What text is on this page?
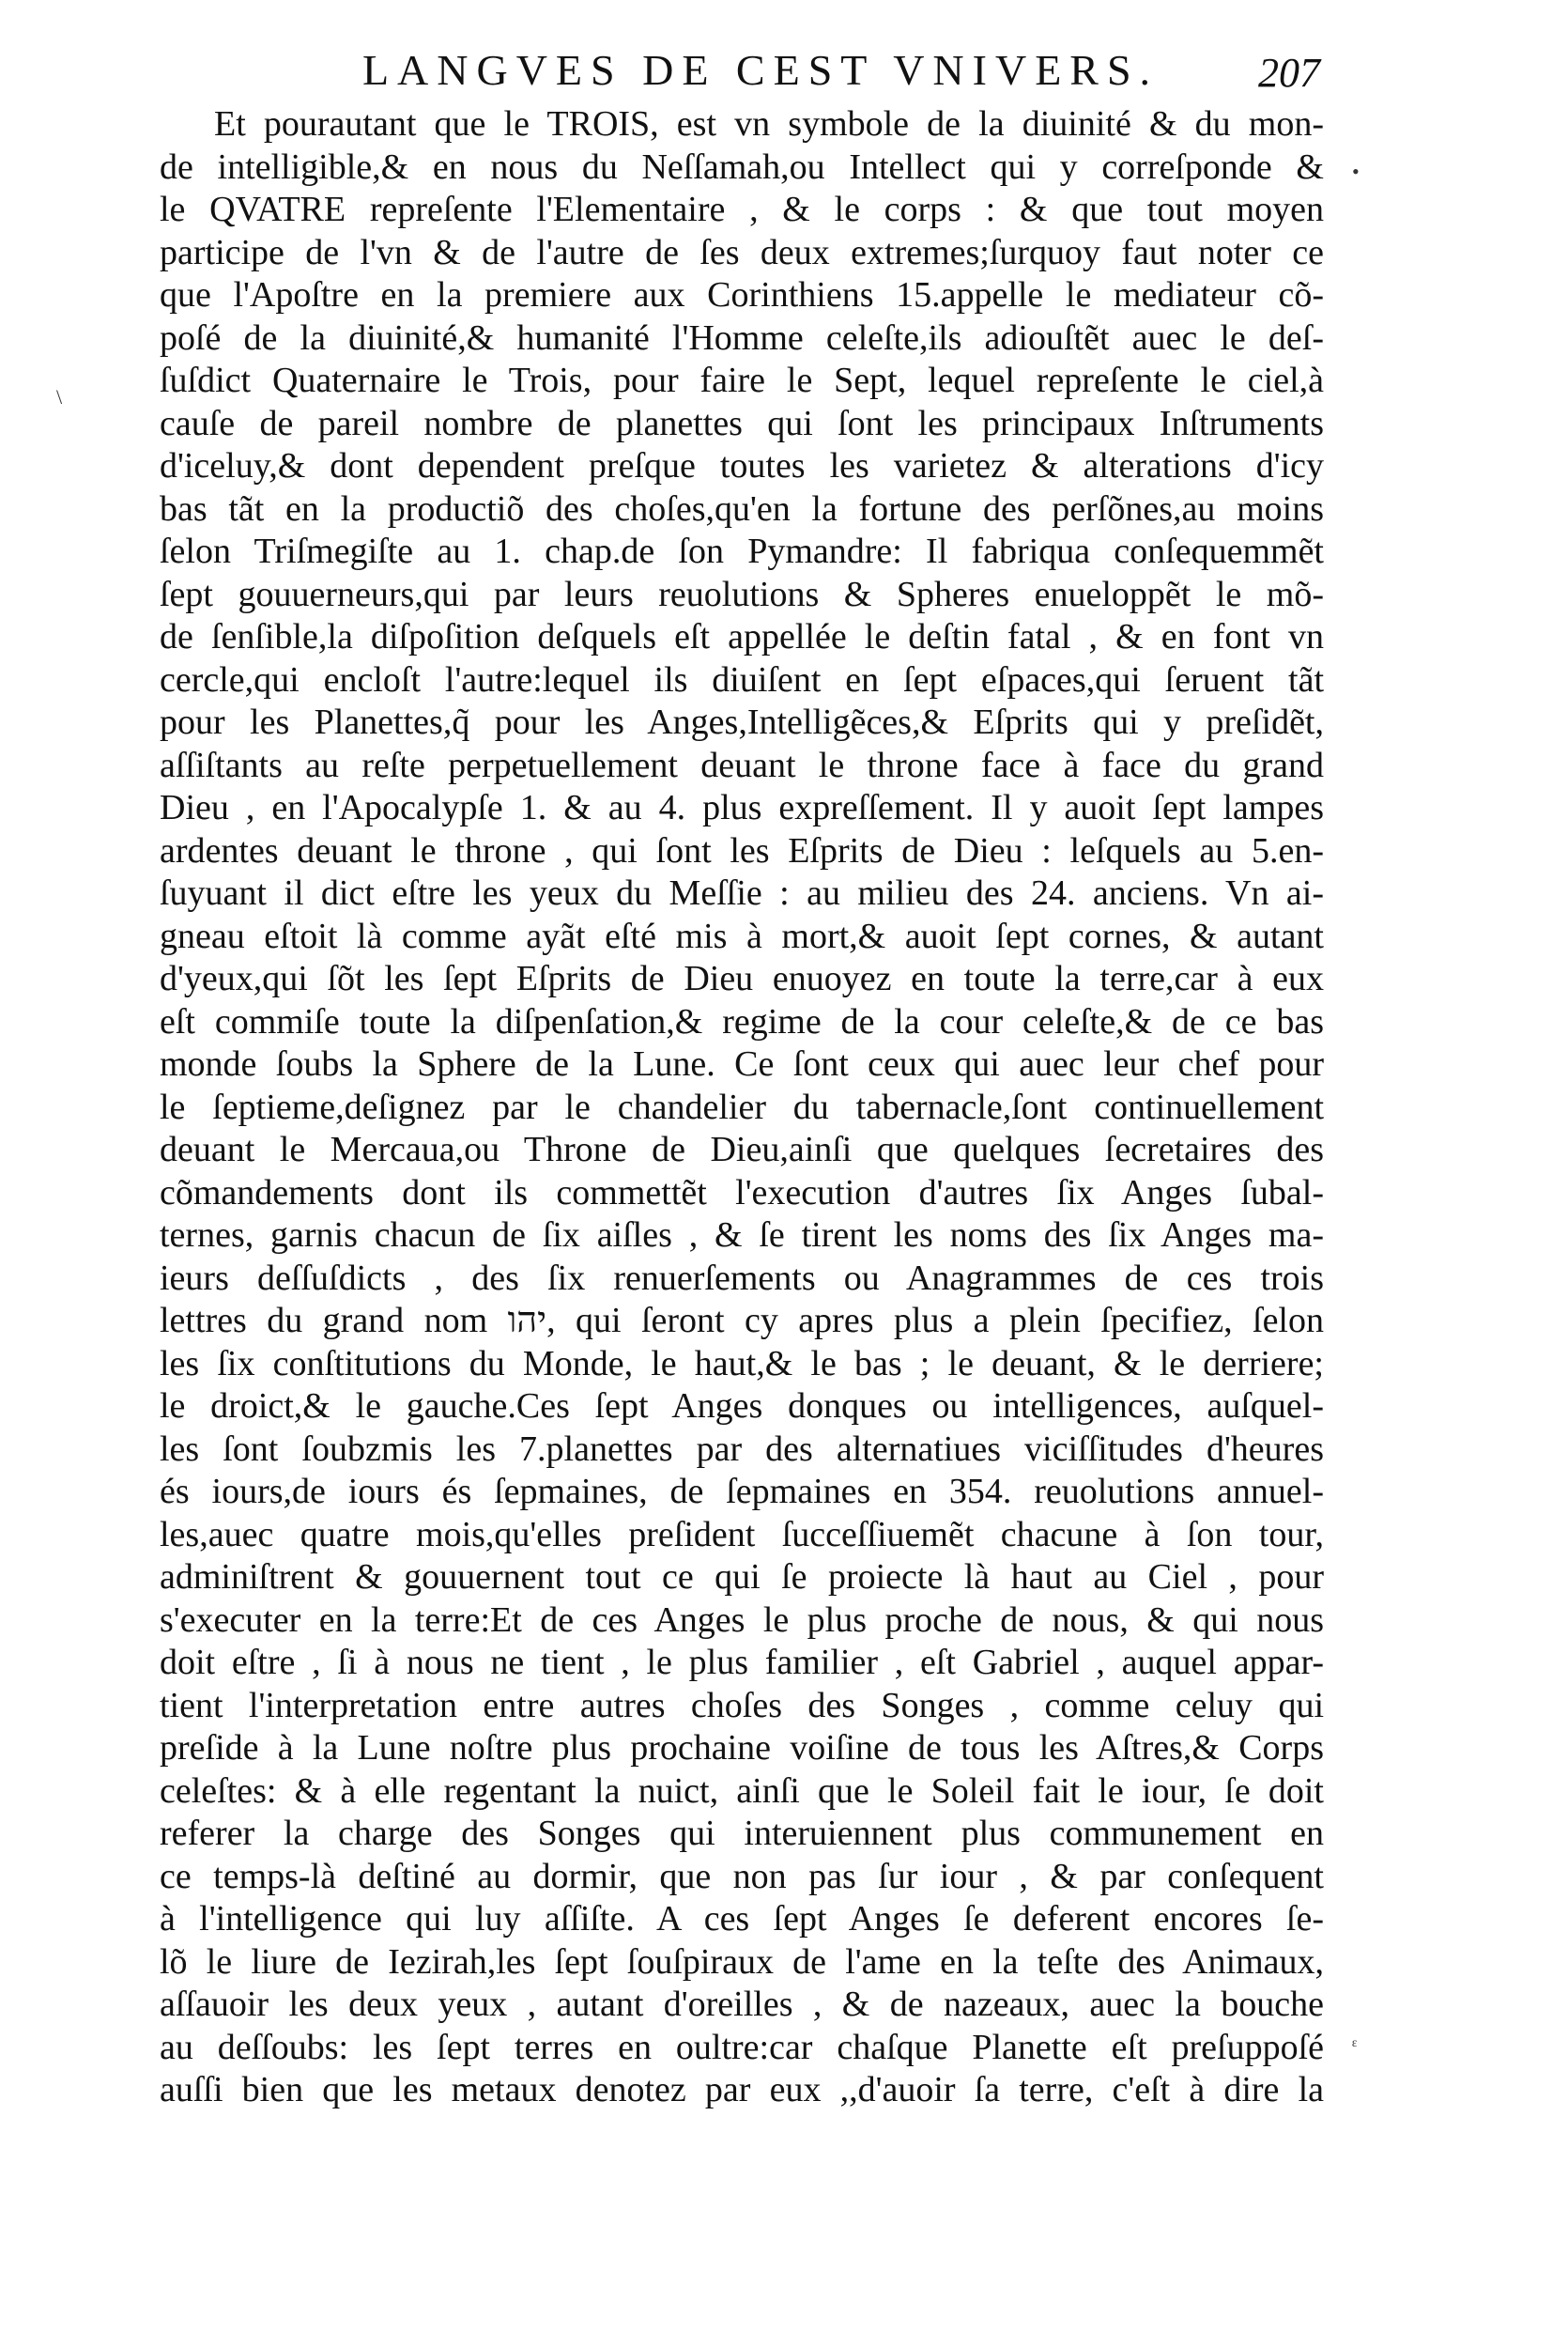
LANGVES DE CEST VNIVERS.	207
•
\
ᵋ
Et pourautant que le TROIS, est vn symbole de la diuinité & du mon-
de intelligible,& en nous du Neſſamah,ou Intellect qui y correſponde &
le QVATRE repreſente l'Elementaire , & le corps : & que tout moyen
participe de l'vn & de l'autre de ſes deux extremes;ſurquoy faut noter ce
que l'Apoſtre en la premiere aux Corinthiens 15.appelle le mediateur cõ-
poſé de la diuinité,& humanité l'Homme celeſte,ils adiouſtẽt auec le deſ-
ſuſdict Quaternaire le Trois, pour faire le Sept, lequel repreſente le ciel,à
cauſe de pareil nombre de planettes qui ſont les principaux Inſtruments
d'iceluy,& dont dependent preſque toutes les varietez & alterations d'icy
bas tãt en la productiõ des choſes,qu'en la fortune des perſõnes,au moins
ſelon Triſmegiſte au 1. chap.de ſon Pymandre: Il fabriqua conſequemmẽt
ſept gouuerneurs,qui par leurs reuolutions & Spheres enueloppẽt le mõ-
de ſenſible,la diſpoſition deſquels eſt appellée le deſtin fatal , & en font vn
cercle,qui encloſt l'autre:lequel ils diuiſent en ſept eſpaces,qui ſeruent tãt
pour les Planettes,q̃ pour les Anges,Intelligẽces,& Eſprits qui y preſidẽt,
aſſiſtants au reſte perpetuellement deuant le throne face à face du grand
Dieu , en l'Apocalypſe 1. & au 4. plus expreſſement. Il y auoit ſept lampes
ardentes deuant le throne , qui ſont les Eſprits de Dieu : leſquels au 5.en-
ſuyuant il dict eſtre les yeux du Meſſie : au milieu des 24. anciens. Vn ai-
gneau eſtoit là comme ayãt eſté mis à mort,& auoit ſept cornes, & autant
d'yeux,qui ſõt les ſept Eſprits de Dieu enuoyez en toute la terre,car à eux
eſt commiſe toute la diſpenſation,& regime de la cour celeſte,& de ce bas
monde ſoubs la Sphere de la Lune. Ce ſont ceux qui auec leur chef pour
le ſeptieme,deſignez par le chandelier du tabernacle,ſont continuellement
deuant le Mercaua,ou Throne de Dieu,ainſi que quelques ſecretaires des
cõmandements dont ils commettẽt l'execution d'autres ſix Anges ſubal-
ternes, garnis chacun de ſix aiſles , & ſe tirent les noms des ſix Anges ma-
ieurs deſſuſdicts , des ſix renuerſements ou Anagrammes de ces trois
lettres du grand nom יהו, qui ſeront cy apres plus a plein ſpecifiez, ſelon
les ſix conſtitutions du Monde, le haut,& le bas ; le deuant, & le derriere;
le droict,& le gauche.Ces ſept Anges donques ou intelligences, auſquel-
les ſont ſoubzmis les 7.planettes par des alternatiues viciſſitudes d'heures
és iours,de iours és ſepmaines, de ſepmaines en 354. reuolutions annuel-
les,auec quatre mois,qu'elles preſident ſucceſſiuemẽt chacune à ſon tour,
adminiſtrent & gouuernent tout ce qui ſe proiecte là haut au Ciel , pour
s'executer en la terre:Et de ces Anges le plus proche de nous, & qui nous
doit eſtre , ſi à nous ne tient , le plus familier , eſt Gabriel , auquel appar-
tient l'interpretation entre autres choſes des Songes , comme celuy qui
preſide à la Lune noſtre plus prochaine voiſine de tous les Aſtres,& Corps
celeſtes: & à elle regentant la nuict, ainſi que le Soleil fait le iour, ſe doit
referer la charge des Songes qui interuiennent plus communement en
ce temps-là deſtiné au dormir, que non pas ſur iour , & par conſequent
à l'intelligence qui luy aſſiſte. A ces ſept Anges ſe deferent encores ſe-
lõ le liure de Iezirah,les ſept ſouſpiraux de l'ame en la teſte des Animaux,
aſſauoir les deux yeux , autant d'oreilles , & de nazeaux, auec la bouche
au deſſoubs: les ſept terres en oultre:car chaſque Planette eſt preſuppoſé
auſſi bien que les metaux denotez par eux ,,d'auoir ſa terre, c'eſt à dire la
